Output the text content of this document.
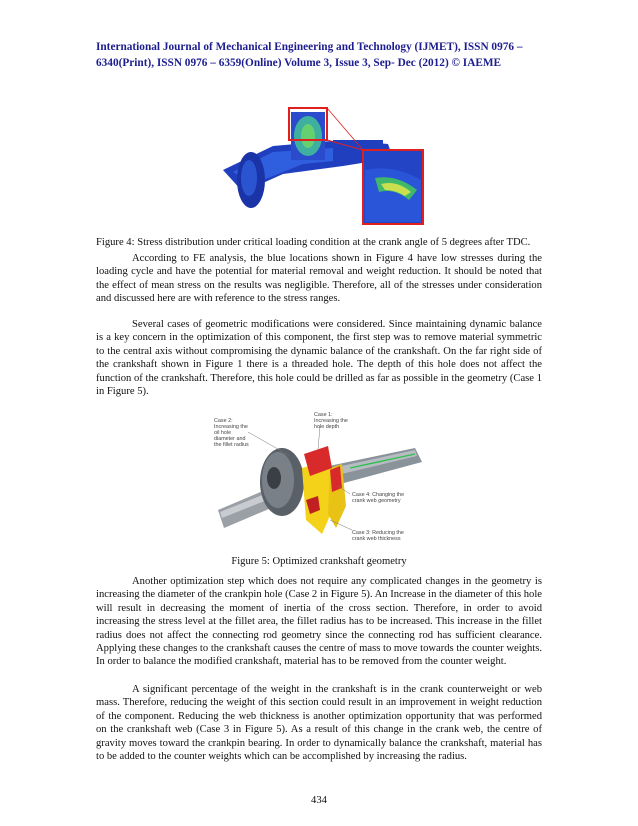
International Journal of Mechanical Engineering and Technology (IJMET), ISSN 0976 –
6340(Print), ISSN 0976 – 6359(Online) Volume 3, Issue 3, Sep- Dec (2012) © IAEME
Figure 4: Stress distribution under critical loading condition at the crank angle of 5 degrees after TDC.

According to FE analysis, the blue locations shown in Figure 4 have low stresses during the loading cycle and have the potential for material removal and weight reduction. It should be noted that the effect of mean stress on the results was negligible. Therefore, all of the stresses under consideration and discussed here are with reference to the stress ranges.

Several cases of geometric modifications were considered. Since maintaining dynamic balance is a key concern in the optimization of this component, the first step was to remove material symmetric to the central axis without compromising the dynamic balance of the crankshaft. On the far right side of the crankshaft shown in Figure 1 there is a threaded hole. The depth of this hole does not affect the function of the crankshaft. Therefore, this hole could be drilled as far as possible in the geometry (Case 1 in Figure 5).

Case 2:
Increasing the
oil hole
diameter and
the fillet radius
Case 1:
Increasing the
hole depth
Case 4: Changing the
crank web geometry
Case 3: Reducing the
crank web thickness
Figure 5: Optimized crankshaft geometry

Another optimization step which does not require any complicated changes in the geometry is increasing the diameter of the crankpin hole (Case 2 in Figure 5). An Increase in the diameter of this hole will result in decreasing the moment of inertia of the cross section. Therefore, in order to avoid increasing the stress level at the fillet area, the fillet radius has to be increased. This increase in the fillet radius does not affect the connecting rod geometry since the connecting rod has sufficient clearance. Applying these changes to the crankshaft causes the centre of mass to move towards the counter weights. In order to balance the modified crankshaft, material has to be removed from the counter weight.

A significant percentage of the weight in the crankshaft is in the crank counterweight or web mass. Therefore, reducing the weight of this section could result in an improvement in weight reduction of the component. Reducing the web thickness is another optimization opportunity that was performed on the crankshaft web (Case 3 in Figure 5). As a result of this change in the crank web, the centre of gravity moves toward the crankpin bearing. In order to dynamically balance the crankshaft, material has to be added to the counter weights which can be accomplished by increasing the radius.

434
